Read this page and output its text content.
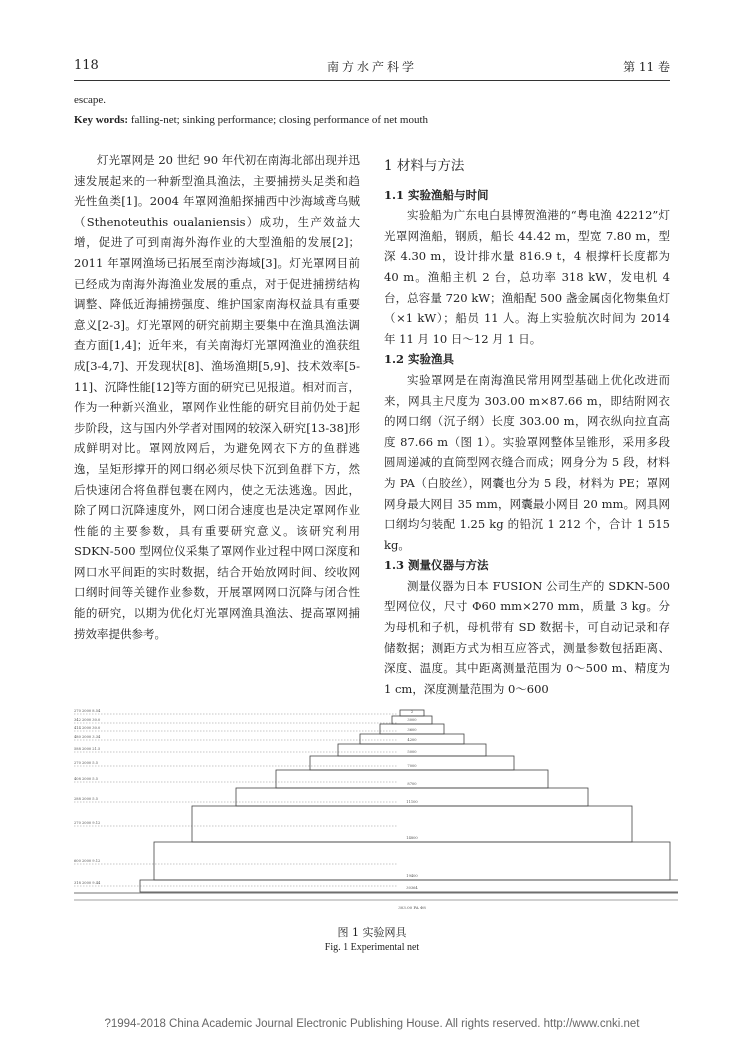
118	南方水产科学	第 11 卷
escape.
Key words: falling-net; sinking performance; closing performance of net mouth

灯光罩网是 20 世纪 90 年代初在南海北部出现并迅速发展起来的一种新型渔具渔法，主要捕捞头足类和趋光性鱼类[1]。2004 年罩网渔船探捕西中沙海域鸢乌贼（Sthenoteuthis oualaniensis）成功，生产效益大增，促进了可到南海外海作业的大型渔船的发展[2]；2011 年罩网渔场已拓展至南沙海域[3]。灯光罩网目前已经成为南海外海渔业发展的重点，对于促进捕捞结构调整、降低近海捕捞强度、维护国家南海权益具有重要意义[2-3]。灯光罩网的研究前期主要集中在渔具渔法调查方面[1,4]；近年来，有关南海灯光罩网渔业的渔获组成[3-4,7]、开发现状[8]、渔场渔期[5,9]、技术效率[5-11]、沉降性能[12]等方面的研究已见报道。相对而言，作为一种新兴渔业，罩网作业性能的研究目前仍处于起步阶段，这与国内外学者对围网的较深入研究[13-38]形成鲜明对比。罩网放网后，为避免网衣下方的鱼群逃逸，呈矩形撑开的网口纲必须尽快下沉到鱼群下方，然后快速闭合将鱼群包裹在网内，使之无法逃逸。因此，除了网口沉降速度外，网口闭合速度也是决定罩网作业性能的主要参数，具有重要研究意义。该研究利用 SDKN-500 型网位仪采集了罩网作业过程中网口深度和网口水平间距的实时数据，结合开始放网时间、绞收网口纲时间等关键作业参数，开展罩网网口沉降与闭合性能的研究，以期为优化灯光罩网渔具渔法、提高罩网捕捞效率提供参考。

1 材料与方法
1.1 实验渔船与时间

实验船为广东电白县博贺渔港的“粤电渔 42212”灯光罩网渔船，钢质，船长 44.42 m，型宽 7.80 m，型深 4.30 m，设计排水量 816.9 t，4 根撑杆长度都为 40 m。渔船主机 2 台，总功率 318 kW，发电机 4 台，总容量 720 kW；渔船配 500 盏金属卤化物集鱼灯（×1 kW）；船员 11 人。海上实验航次时间为 2014 年 11 月 10 日～12 月 1 日。

1.2 实验渔具

实验罩网是在南海渔民常用网型基础上优化改进而来，网具主尺度为 303.00 m×87.66 m，即结附网衣的网口纲（沉子纲）长度 303.00 m，网衣纵向拉直高度 87.66 m（图 1）。实验罩网整体呈锥形，采用多段圆周递减的直筒型网衣缝合而成；网身分为 5 段，材料为 PA（白胶丝），网囊也分为 5 段，材料为 PE；罩网网身最大网目 35 mm，网囊最小网目 20 mm。网具网口纲均匀装配 1.25 kg 的铅沉 1 212 个，合计 1 515 kg。

1.3 测量仪器与方法

测量仪器为日本 FUSION 公司生产的 SDKN-500 型网位仪，尺寸 Φ60 mm×270 mm，质量 3 kg。分为母机和子机，母机带有 SD 数据卡，可自动记录和存储数据；测距方式为相互应答式，测量参数包括距离、深度、温度。其中距离测量范围为 0～500 m、精度为 1 cm，深度测量范围为 0～600

2
3000
3600
4200
5000
7000
8700
11100
14800
19400
30364
303.00 PA Φ8
270 2000 8.54
342 2000 30.0
414 2000 30.0
480 2000 3.34
588 2000 21.5
270 2000 5.5
408 2000 5.5
288 2000 5.5
270 2000 9.12
600 2000 9.12
318 2000 9.44
图 1 实验网具
Fig. 1 Experimental net
?1994-2018 China Academic Journal Electronic Publishing House. All rights reserved. http://www.cnki.net
